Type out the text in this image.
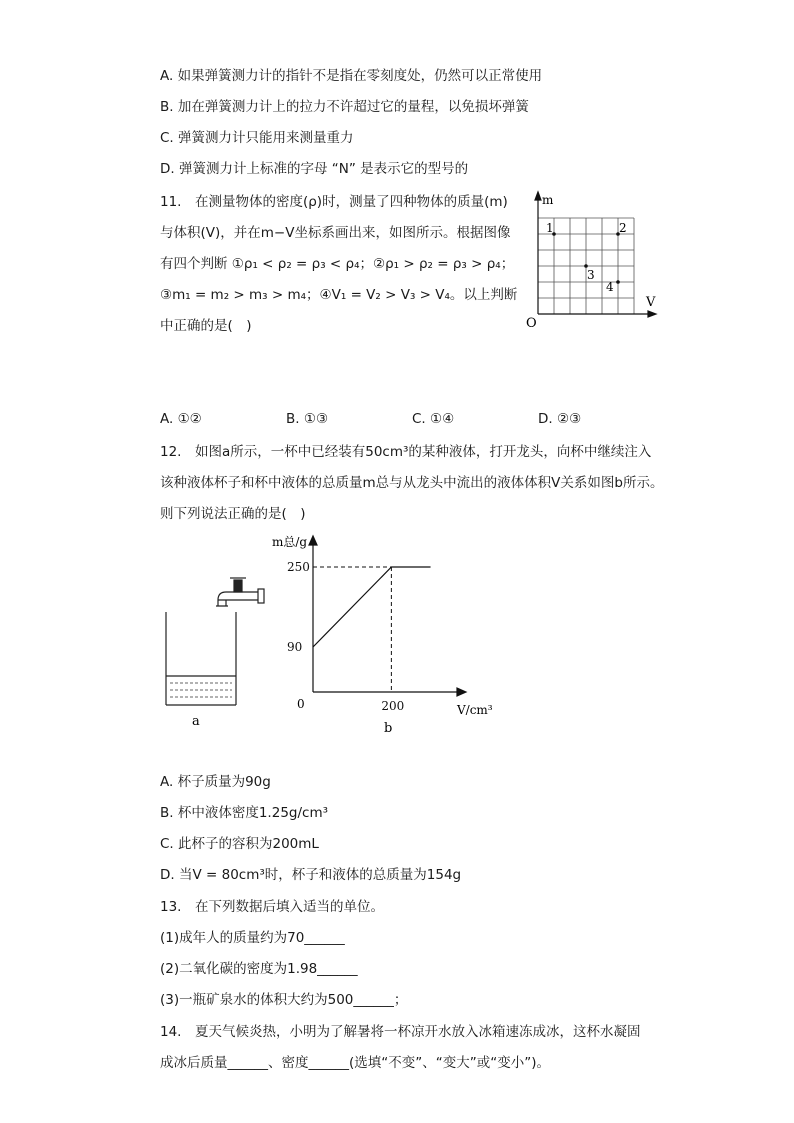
A. 如果弹簧测力计的指针不是指在零刻度处，仍然可以正常使用
B. 加在弹簧测力计上的拉力不许超过它的量程，以免损坏弹簧
C. 弹簧测力计只能用来测量重力
D. 弹簧测力计上标准的字母 “N” 是表示它的型号的
11.　在测量物体的密度(ρ)时，测量了四种物体的质量(m)
与体积(V)，并在m−V坐标系画出来，如图所示。根据图像
有四个判断 ①ρ₁ < ρ₂ = ρ₃ < ρ₄；②ρ₁ > ρ₂ = ρ₃ > ρ₄；
③m₁ = m₂ > m₃ > m₄；④V₁ = V₂ > V₃ > V₄。以上判断
中正确的是(　)
1	2
3
4
m
V
O
A. ①②	B. ①③	C. ①④	D. ②③
12.　如图a所示，一杯中已经装有50cm³的某种液体，打开龙头，向杯中继续注入
该种液体杯子和杯中液体的总质量m总与从龙头中流出的液体体积V关系如图b所示。
则下列说法正确的是(　)
a
90
250
200
m总/g
V/cm³
0
b
A. 杯子质量为90g
B. 杯中液体密度1.25g/cm³
C. 此杯子的容积为200mL
D. 当V = 80cm³时，杯子和液体的总质量为154g
13.　在下列数据后填入适当的单位。
(1)成年人的质量约为70______
(2)二氧化碳的密度为1.98______
(3)一瓶矿泉水的体积大约为500______；
14.　夏天气候炎热，小明为了解暑将一杯凉开水放入冰箱速冻成冰，这杯水凝固
成冰后质量______、密度______(选填“不变”、“变大”或“变小”)。
